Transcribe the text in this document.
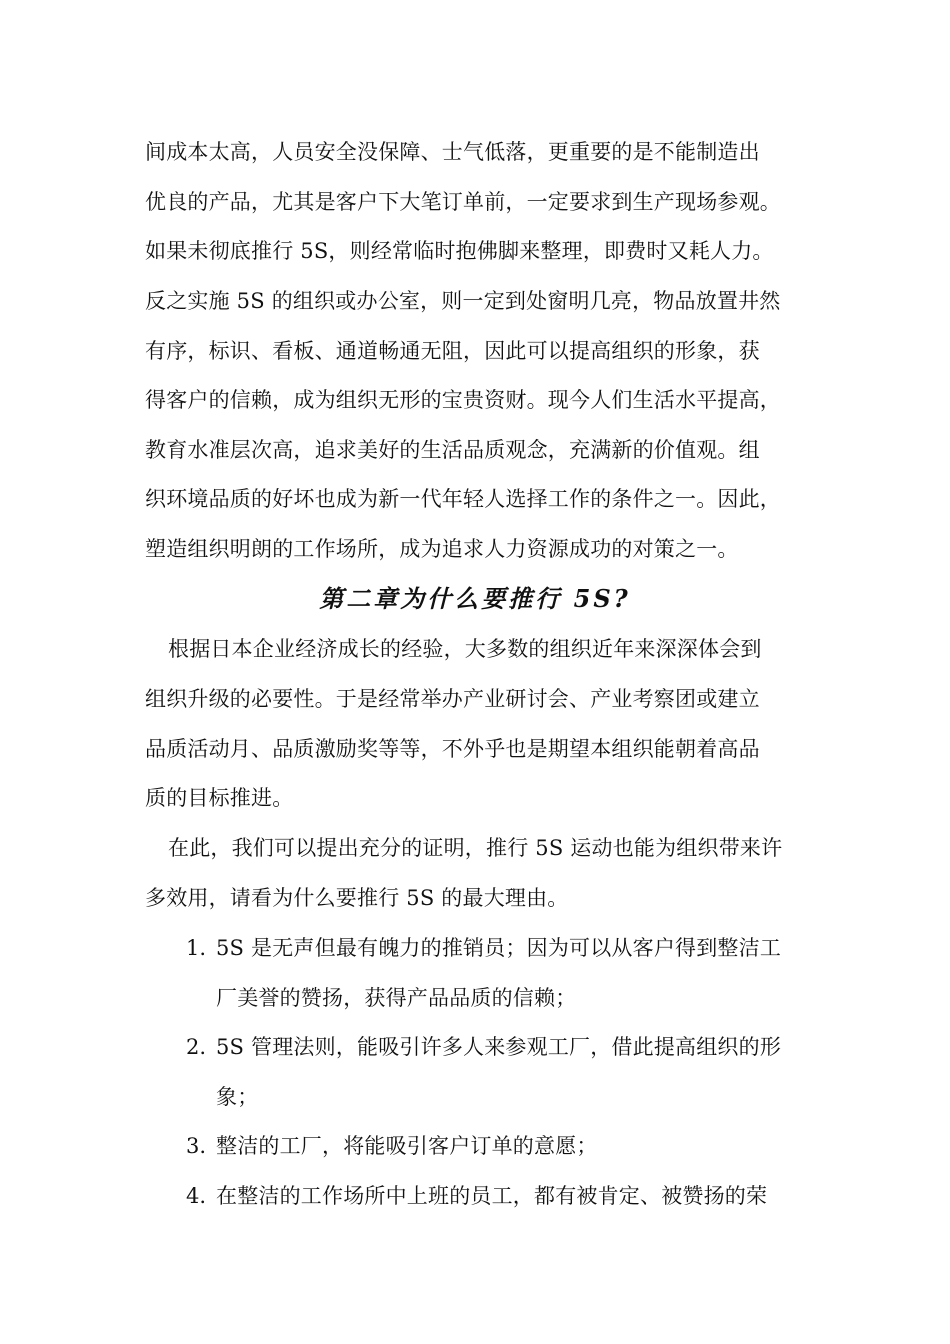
间成本太高，人员安全没保障、士气低落，更重要的是不能制造出
优良的产品，尤其是客户下大笔订单前，一定要求到生产现场参观。
如果未彻底推行 5S，则经常临时抱佛脚来整理，即费时又耗人力。
反之实施 5S 的组织或办公室，则一定到处窗明几亮，物品放置井然
有序，标识、看板、通道畅通无阻，因此可以提高组织的形象，获
得客户的信赖，成为组织无形的宝贵资财。现今人们生活水平提高，
教育水准层次高，追求美好的生活品质观念，充满新的价值观。组
织环境品质的好坏也成为新一代年轻人选择工作的条件之一。因此，
塑造组织明朗的工作场所，成为追求人力资源成功的对策之一。
第二章为什么要推行 5S?
根据日本企业经济成长的经验，大多数的组织近年来深深体会到
组织升级的必要性。于是经常举办产业研讨会、产业考察团或建立
品质活动月、品质激励奖等等，不外乎也是期望本组织能朝着高品
质的目标推进。
在此，我们可以提出充分的证明，推行 5S 运动也能为组织带来许
多效用，请看为什么要推行 5S 的最大理由。
1. 5S 是无声但最有魄力的推销员；因为可以从客户得到整洁工
厂美誉的赞扬，获得产品品质的信赖；
2. 5S 管理法则，能吸引许多人来参观工厂，借此提高组织的形
象；
3. 整洁的工厂，将能吸引客户订单的意愿；
4. 在整洁的工作场所中上班的员工，都有被肯定、被赞扬的荣
